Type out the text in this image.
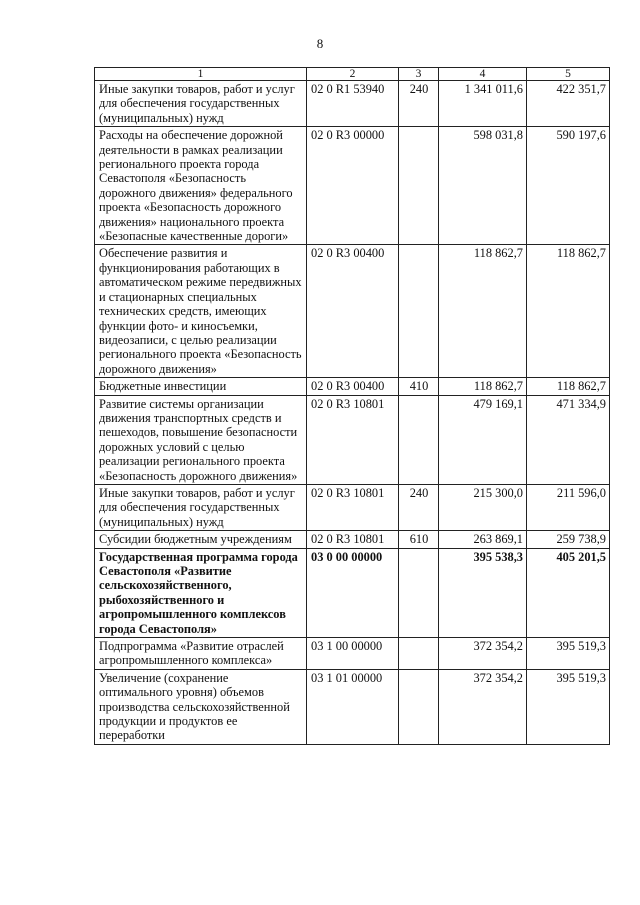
8
1	2	3	4	5
Иные закупки товаров, работ и услуг для обеспечения государственных (муниципальных) нужд	02 0 R1 53940	240	1 341 011,6	422 351,7
Расходы на обеспечение дорожной деятельности в рамках реализации регионального проекта города Севастополя «Безопасность дорожного движения» федерального проекта «Безопасность дорожного движения» национального проекта «Безопасные качественные дороги»	02 0 R3 00000		598 031,8	590 197,6
Обеспечение развития и функционирования работающих в автоматическом режиме передвижных и стационарных специальных технических средств, имеющих функции фото- и киносъемки, видеозаписи, с целью реализации регионального проекта «Безопасность дорожного движения»	02 0 R3 00400		118 862,7	118 862,7
Бюджетные инвестиции	02 0 R3 00400	410	118 862,7	118 862,7
Развитие системы организации движения транспортных средств и пешеходов, повышение безопасности дорожных условий с целью реализации регионального проекта «Безопасность дорожного движения»	02 0 R3 10801		479 169,1	471 334,9
Иные закупки товаров, работ и услуг для обеспечения государственных (муниципальных) нужд	02 0 R3 10801	240	215 300,0	211 596,0
Субсидии бюджетным учреждениям	02 0 R3 10801	610	263 869,1	259 738,9
Государственная программа города Севастополя «Развитие сельскохозяйственного, рыбохозяйственного и агропромышленного комплексов города Севастополя»	03 0 00 00000		395 538,3	405 201,5
Подпрограмма «Развитие отраслей агропромышленного комплекса»	03 1 00 00000		372 354,2	395 519,3
Увеличение (сохранение оптимального уровня) объемов производства сельскохозяйственной продукции и продуктов ее переработки	03 1 01 00000		372 354,2	395 519,3
